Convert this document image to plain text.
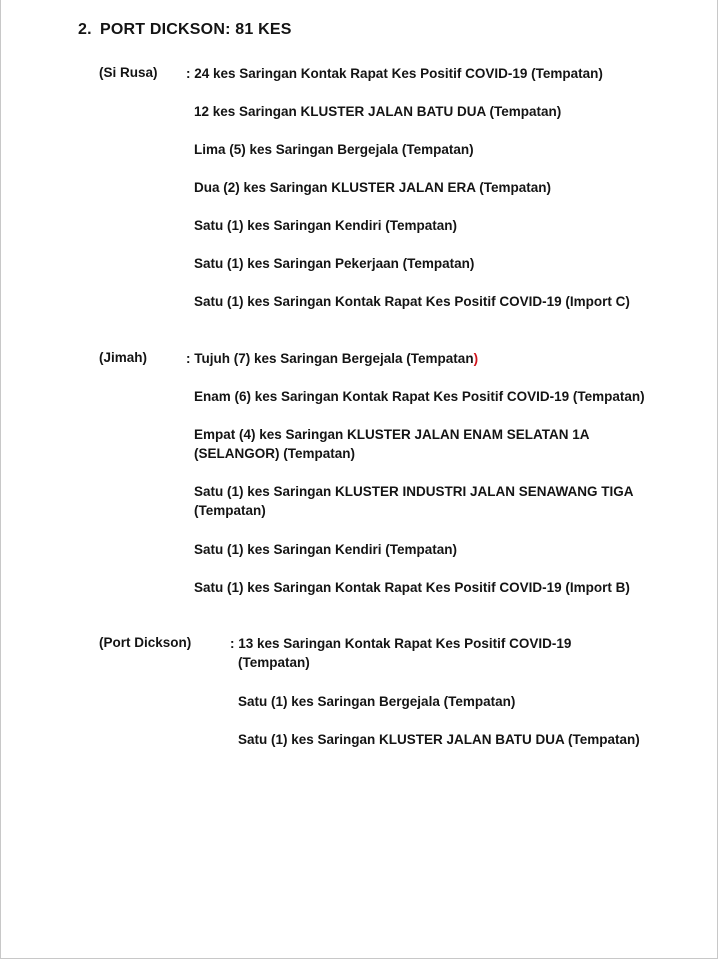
2. PORT DICKSON: 81 KES
(Si Rusa) : 24 kes Saringan Kontak Rapat Kes Positif COVID-19 (Tempatan)
12 kes Saringan KLUSTER JALAN BATU DUA (Tempatan)
Lima (5) kes Saringan Bergejala (Tempatan)
Dua (2) kes Saringan KLUSTER JALAN ERA (Tempatan)
Satu (1) kes Saringan Kendiri (Tempatan)
Satu (1) kes Saringan Pekerjaan (Tempatan)
Satu (1) kes Saringan Kontak Rapat Kes Positif COVID-19 (Import C)
(Jimah)	: Tujuh (7) kes Saringan Bergejala (Tempatan)
Enam (6) kes Saringan Kontak Rapat Kes Positif COVID-19 (Tempatan)
Empat (4) kes Saringan KLUSTER JALAN ENAM SELATAN 1A
(SELANGOR) (Tempatan)
Satu (1) kes Saringan KLUSTER INDUSTRI JALAN SENAWANG TIGA
(Tempatan)
Satu (1) kes Saringan Kendiri (Tempatan)
Satu (1) kes Saringan Kontak Rapat Kes Positif COVID-19 (Import B)
(Port Dickson)	: 13 kes Saringan Kontak Rapat Kes Positif COVID-19
(Tempatan)
Satu (1) kes Saringan Bergejala (Tempatan)
Satu (1) kes Saringan KLUSTER JALAN BATU DUA (Tempatan)
